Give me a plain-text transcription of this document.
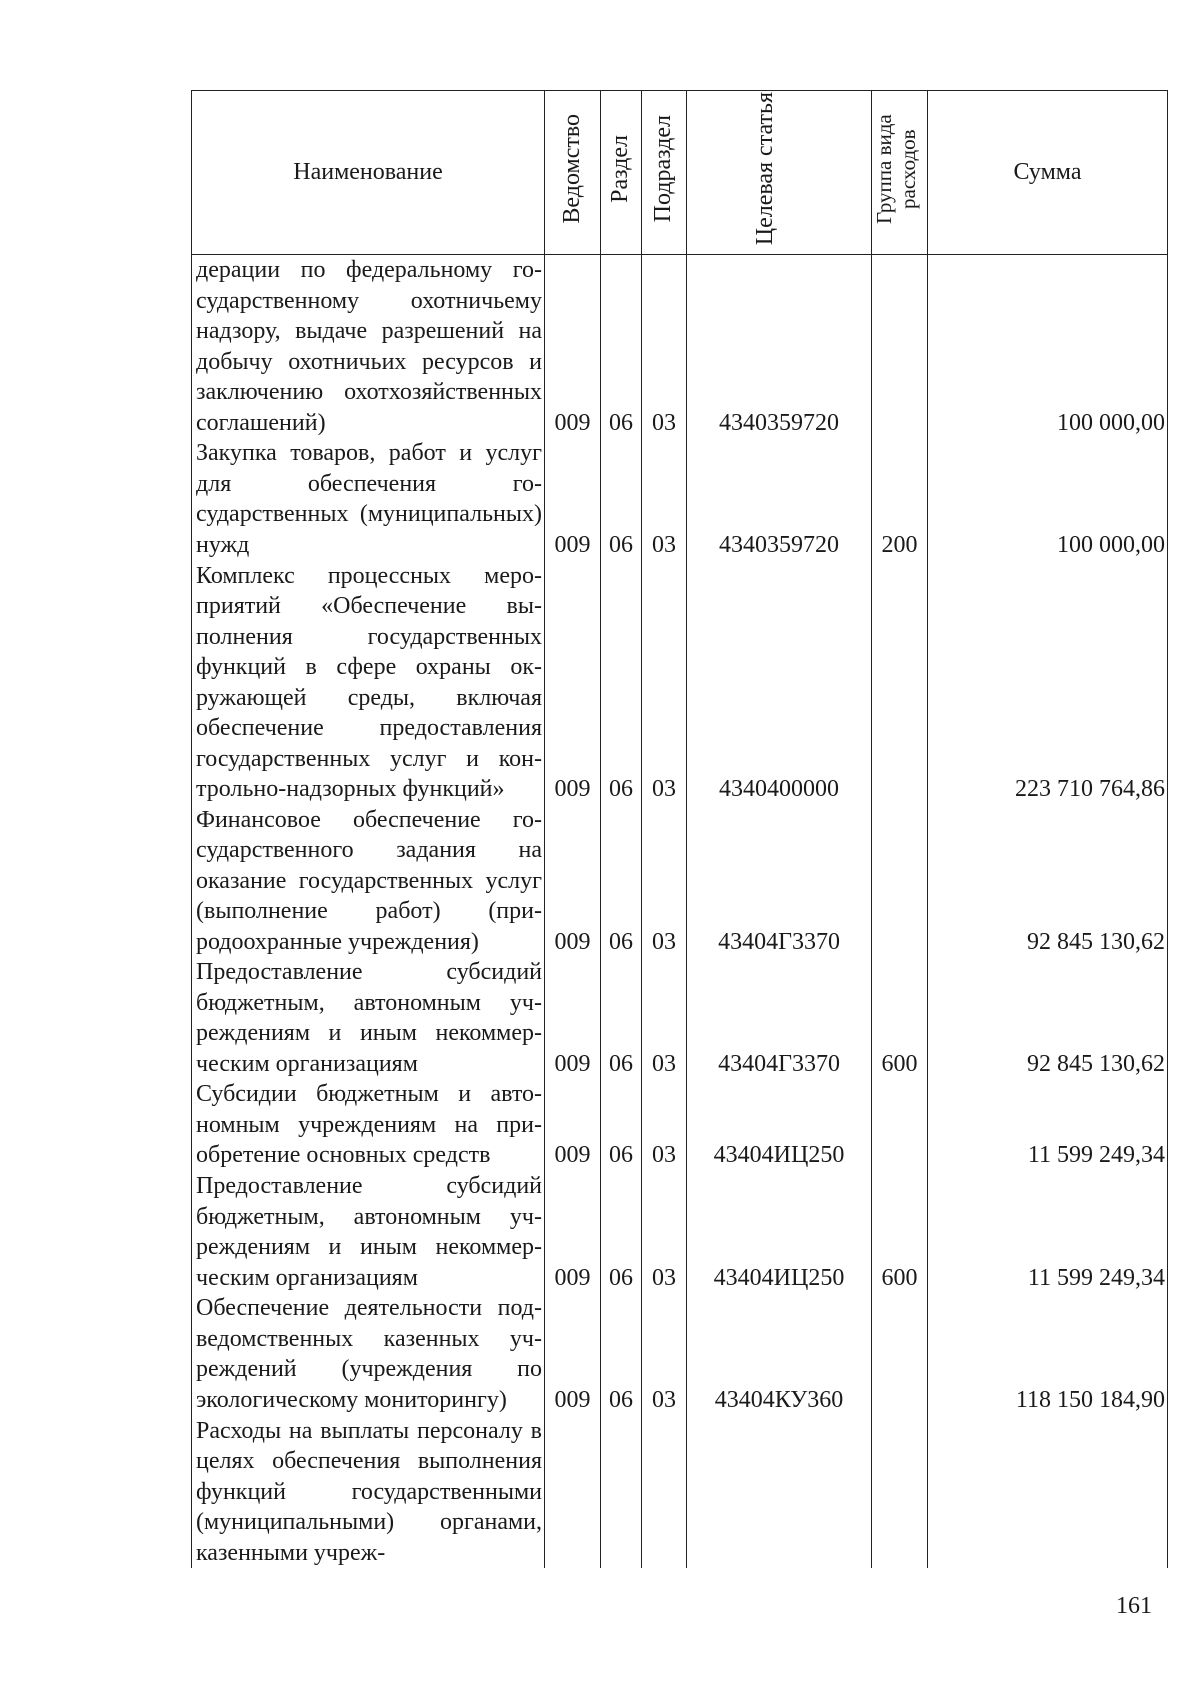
Наименование	Ведомство	Раздел	Подраздел	Целевая статья	Группа вида расходов	Сумма
дерации по федеральному государственному охотничьему надзору, выдаче разрешений на добычу охотничьих ресурсов и заключению охотхозяйственных соглашений)	009	06	03	4340359720		100 000,00
Закупка товаров, работ и услуг для обеспечения государственных (муниципальных) нужд	009	06	03	4340359720	200	100 000,00
Комплекс процессных мероприятий «Обеспечение выполнения государственных функций в сфере охраны окружающей среды, включая обеспечение предоставления государственных услуг и контрольно-надзорных функций»	009	06	03	4340400000		223 710 764,86
Финансовое обеспечение государственного задания на оказание государственных услуг (выполнение работ) (природоохранные учреждения)	009	06	03	43404Г3370		92 845 130,62
Предоставление субсидий бюджетным, автономным учреждениям и иным некоммерческим организациям	009	06	03	43404Г3370	600	92 845 130,62
Субсидии бюджетным и автономным учреждениям на приобретение основных средств	009	06	03	43404ИЦ250		11 599 249,34
Предоставление субсидий бюджетным, автономным учреждениям и иным некоммерческим организациям	009	06	03	43404ИЦ250	600	11 599 249,34
Обеспечение деятельности подведомственных казенных учреждений (учреждения по экологическому мониторингу)	009	06	03	43404КУ360		118 150 184,90
Расходы на выплаты персоналу в целях обеспечения выполнения функций государственными (муниципальными) органами, казенными учреж-						
161
